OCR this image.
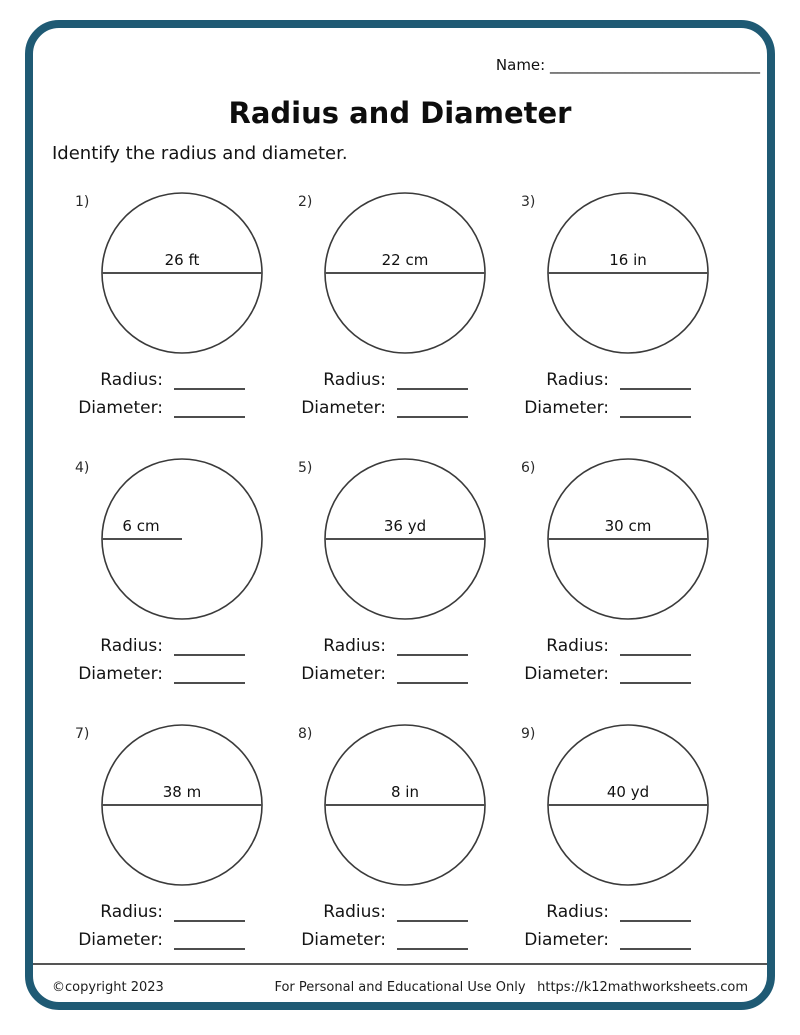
Name: ____________________________
Radius and Diameter
Identify the radius and diameter.
1)
26 ft
Radius:
Diameter:
2)
22 cm
Radius:
Diameter:
3)
16 in
Radius:
Diameter:
4)
6 cm
Radius:
Diameter:
5)
36 yd
Radius:
Diameter:
6)
30 cm
Radius:
Diameter:
7)
38 m
Radius:
Diameter:
8)
8 in
Radius:
Diameter:
9)
40 yd
Radius:
Diameter:
©copyright 2023	For Personal and Educational Use Only https://k12mathworksheets.com
